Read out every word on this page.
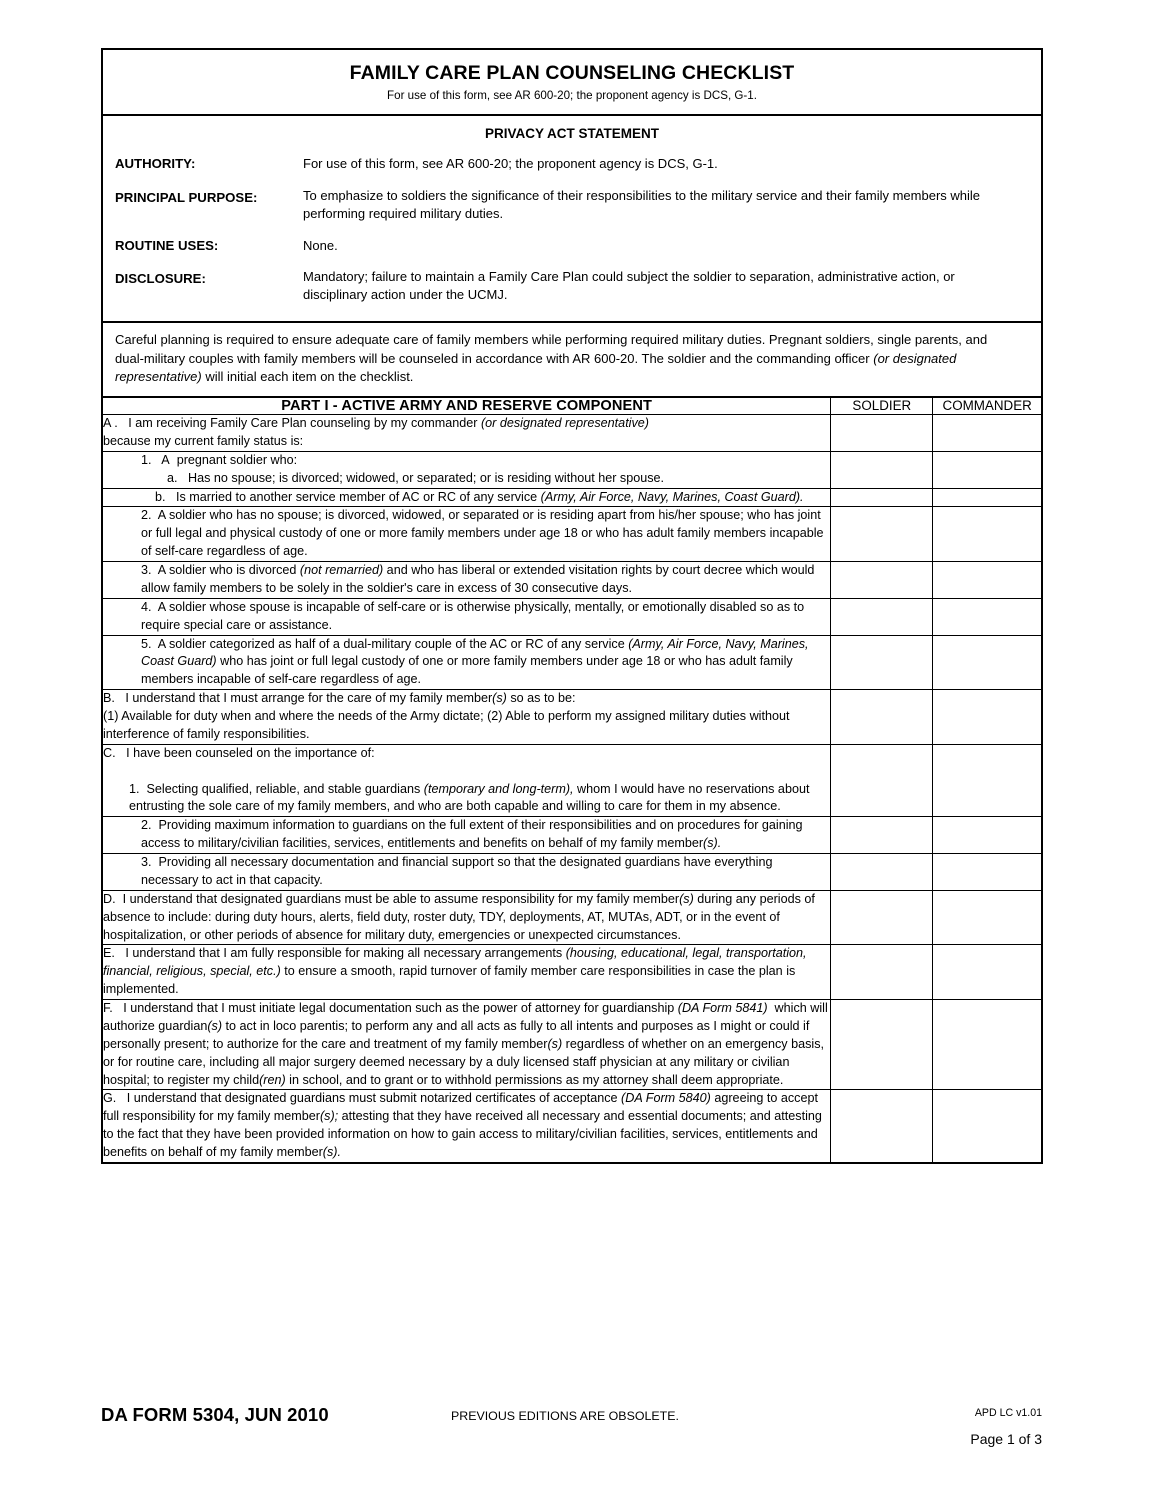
FAMILY CARE PLAN COUNSELING CHECKLIST
For use of this form, see AR 600-20; the proponent agency is DCS, G-1.
PRIVACY ACT STATEMENT
AUTHORITY:	For use of this form, see AR 600-20; the proponent agency is DCS, G-1.
PRINCIPAL PURPOSE:	To emphasize to soldiers the significance of their responsibilities to the military service and their family members while performing required military duties.
ROUTINE USES:	None.
DISCLOSURE:	Mandatory; failure to maintain a Family Care Plan could subject the soldier to separation, administrative action, or disciplinary action under the UCMJ.
Careful planning is required to ensure adequate care of family members while performing required military duties. Pregnant soldiers, single parents, and dual-military couples with family members will be counseled in accordance with AR 600-20. The soldier and the commanding officer (or designated representative) will initial each item on the checklist.
PART I - ACTIVE ARMY AND RESERVE COMPONENT	SOLDIER	COMMANDER
A .   I am receiving Family Care Plan counseling by my commander (or designated representative)
because my current family status is:		
1.   A  pregnant soldier who:

a.   Has no spouse; is divorced; widowed, or separated; or is residing without her spouse.		

b.   Is married to another service member of AC or RC of any service (Army, Air Force, Navy, Marines, Coast Guard).		
2.  A soldier who has no spouse; is divorced, widowed, or separated or is residing apart from his/her spouse; who has joint or full legal and physical custody of one or more family members under age 18 or who has adult family members incapable of self-care regardless of age.		
3.  A soldier who is divorced (not remarried) and who has liberal or extended visitation rights by court decree which would allow family members to be solely in the soldier's care in excess of 30 consecutive days.		
4.  A soldier whose spouse is incapable of self-care or is otherwise physically, mentally, or emotionally disabled so as to require special care or assistance.		
5.  A soldier categorized as half of a dual-military couple of the AC or RC of any service (Army, Air Force, Navy, Marines, Coast Guard) who has joint or full legal custody of one or more family members under age 18 or who has adult family members incapable of self-care regardless of age.		
B.   I understand that I must arrange for the care of my family member(s) so as to be:
(1) Available for duty when and where the needs of the Army dictate; (2) Able to perform my assigned military duties without interference of family responsibilities.		
C.   I have been counseled on the importance of:

1.  Selecting qualified, reliable, and stable guardians (temporary and long-term), whom I would have no reservations about entrusting the sole care of my family members, and who are both capable and willing to care for them in my absence.		

2.  Providing maximum information to guardians on the full extent of their responsibilities and on procedures for gaining access to military/civilian facilities, services, entitlements and benefits on behalf of my family member(s).		
3.  Providing all necessary documentation and financial support so that the designated guardians have everything necessary to act in that capacity.		
D.  I understand that designated guardians must be able to assume responsibility for my family member(s) during any periods of absence to include: during duty hours, alerts, field duty, roster duty, TDY, deployments, AT, MUTAs, ADT, or in the event of hospitalization, or other periods of absence for military duty, emergencies or unexpected circumstances.		
E.   I understand that I am fully responsible for making all necessary arrangements (housing, educational, legal, transportation, financial, religious, special, etc.) to ensure a smooth, rapid turnover of family member care responsibilities in case the plan is implemented.		
F.   I understand that I must initiate legal documentation such as the power of attorney for guardianship (DA Form 5841)  which will authorize guardian(s) to act in loco parentis; to perform any and all acts as fully to all intents and purposes as I might or could if personally present; to authorize for the care and treatment of my family member(s) regardless of whether on an emergency basis, or for routine care, including all major surgery deemed necessary by a duly licensed staff physician at any military or civilian hospital; to register my child(ren) in school, and to grant or to withhold permissions as my attorney shall deem appropriate.		
G.   I understand that designated guardians must submit notarized certificates of acceptance (DA Form 5840) agreeing to accept full responsibility for my family member(s); attesting that they have received all necessary and essential documents; and attesting to the fact that they have been provided information on how to gain access to military/civilian facilities, services, entitlements and benefits on behalf of my family member(s).		
DA FORM 5304, JUN 2010	PREVIOUS EDITIONS ARE OBSOLETE.	APD LC v1.01
Page 1 of 3
